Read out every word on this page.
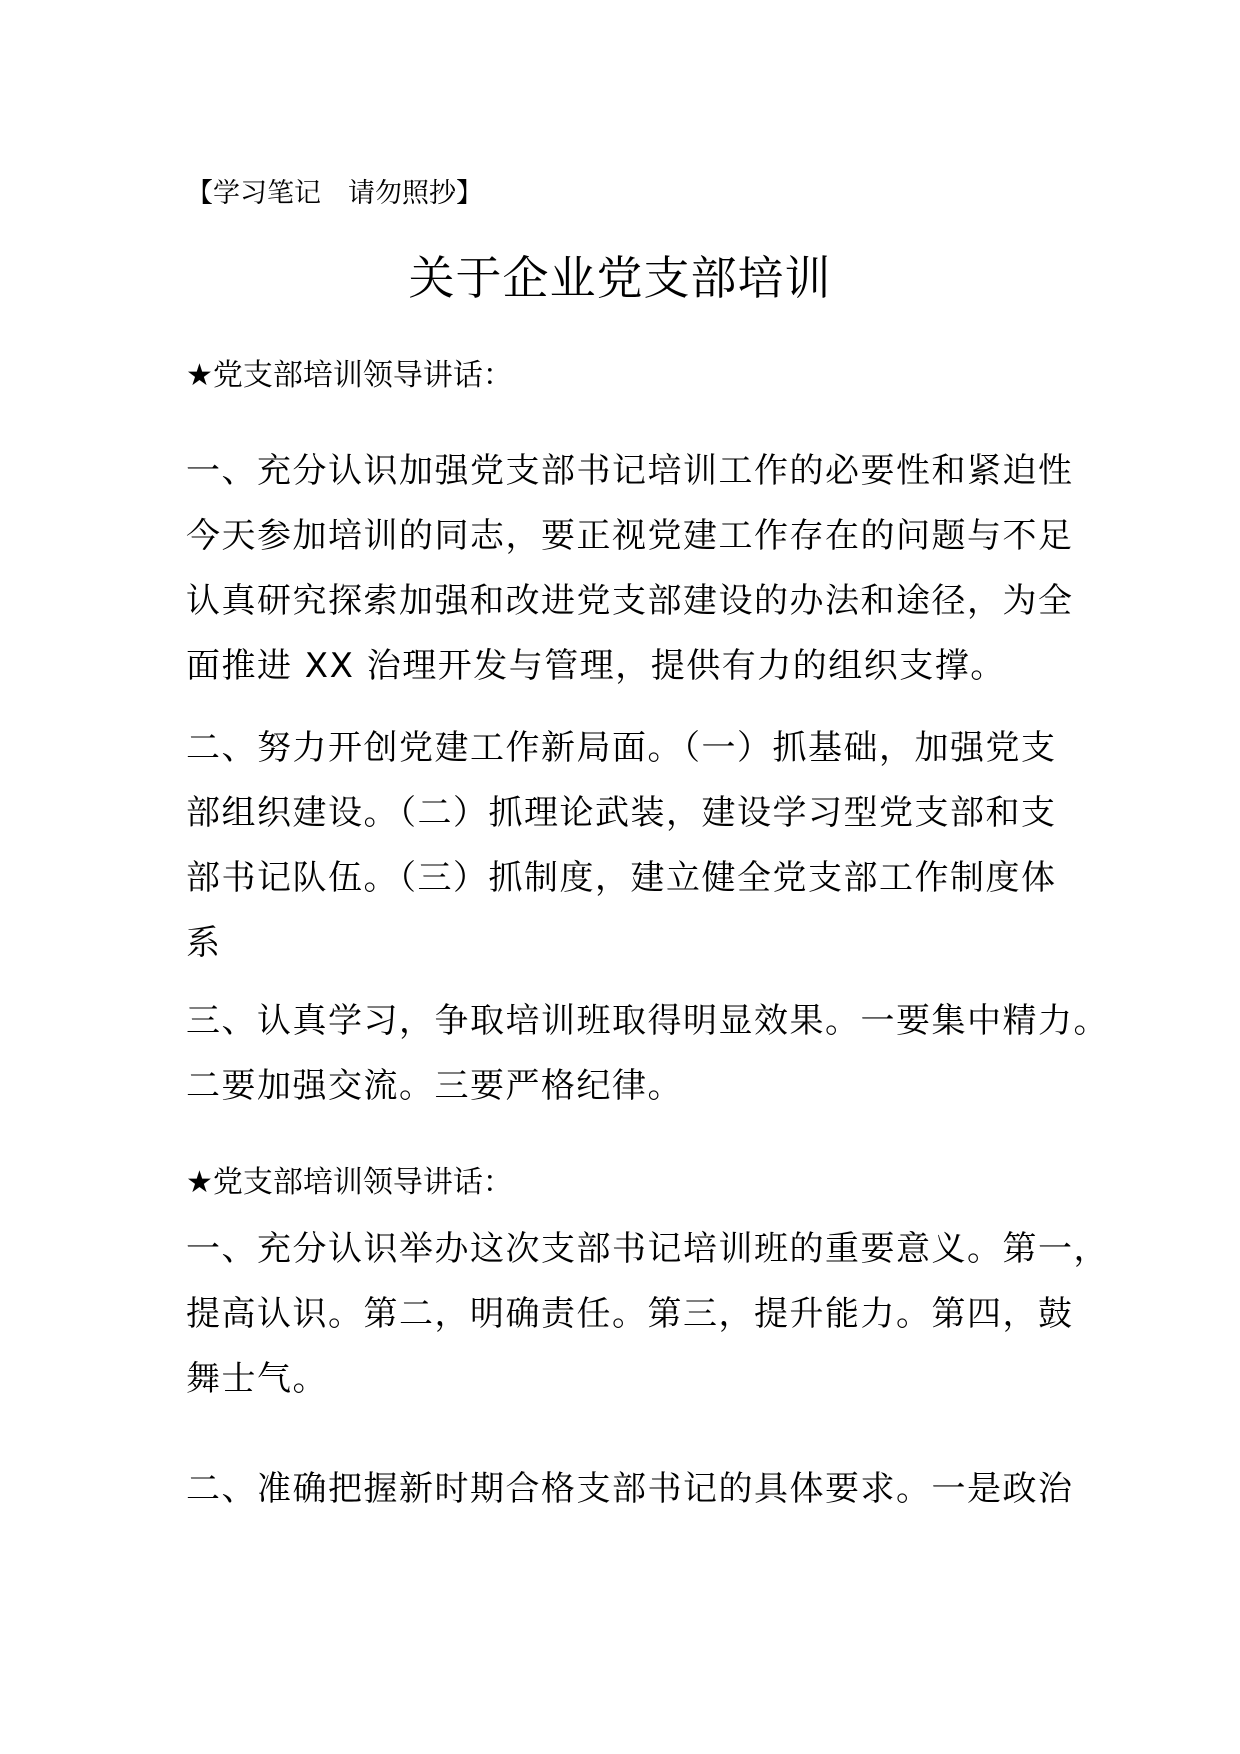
【学习笔记　请勿照抄】
关于企业党支部培训
★党支部培训领导讲话：
一、充分认识加强党支部书记培训工作的必要性和紧迫性
今天参加培训的同志，要正视党建工作存在的问题与不足
认真研究探索加强和改进党支部建设的办法和途径，为全
面推进 XX 治理开发与管理，提供有力的组织支撑。
二、努力开创党建工作新局面。（一）抓基础，加强党支
部组织建设。（二）抓理论武装，建设学习型党支部和支
部书记队伍。（三）抓制度，建立健全党支部工作制度体
系
三、认真学习，争取培训班取得明显效果。一要集中精力。
二要加强交流。三要严格纪律。
★党支部培训领导讲话：
一、充分认识举办这次支部书记培训班的重要意义。第一，
提高认识。第二，明确责任。第三，提升能力。第四，鼓
舞士气。
二、准确把握新时期合格支部书记的具体要求。一是政治
